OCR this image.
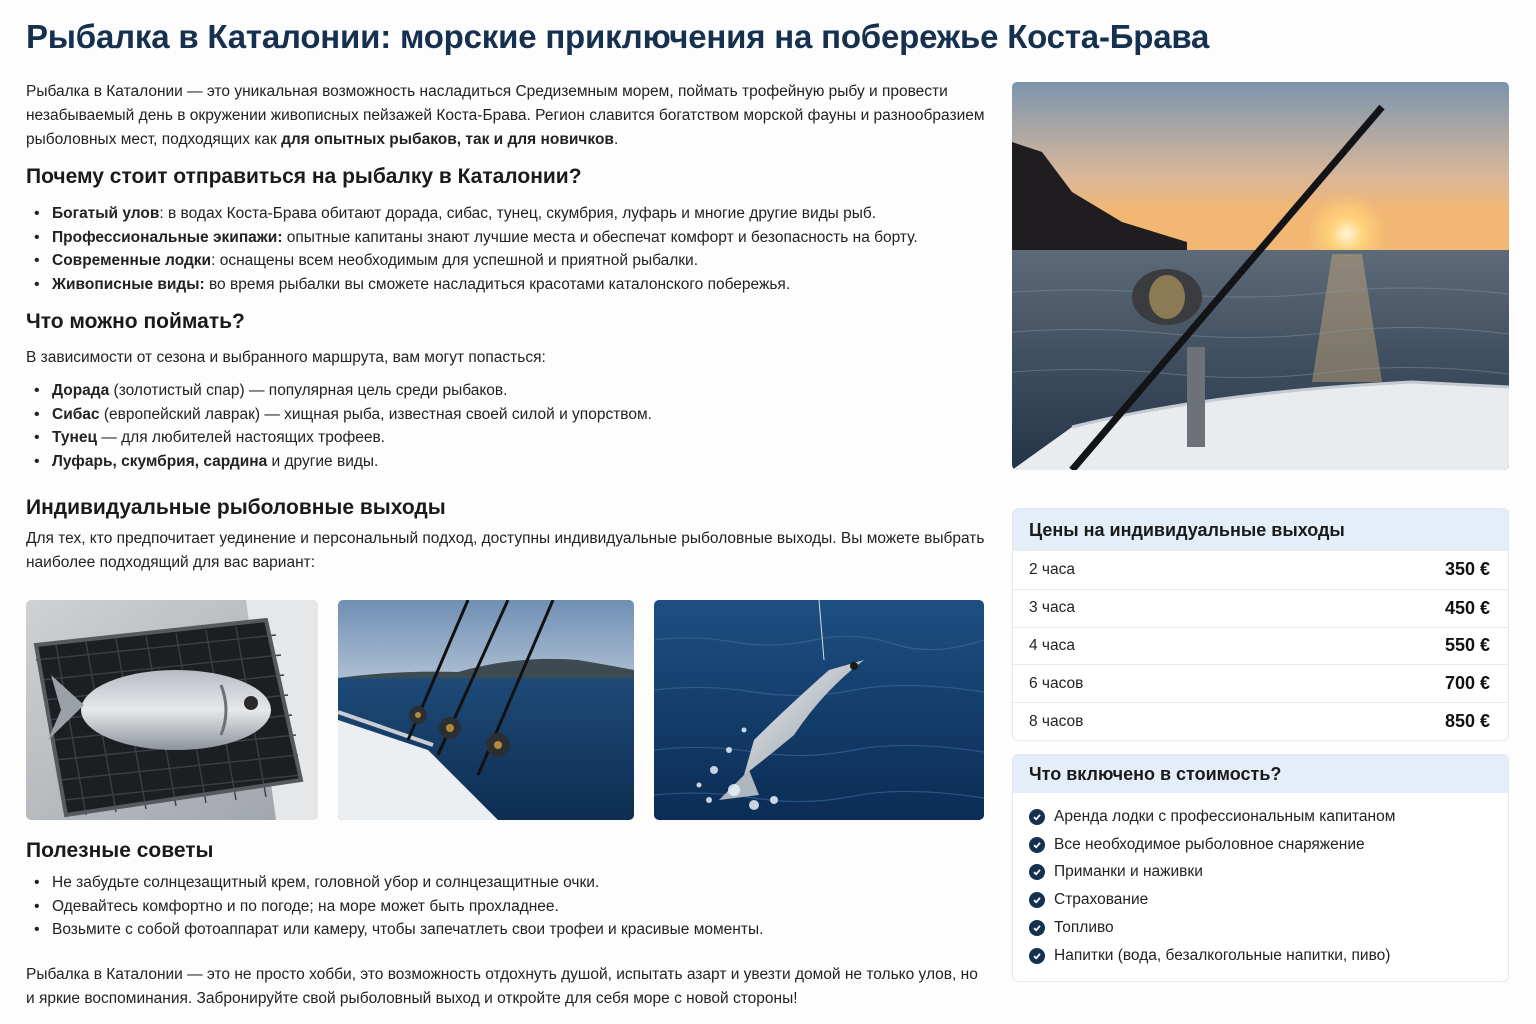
Рыбалка в Каталонии: морские приключения на побережье Коста-Брава

Рыбалка в Каталонии — это уникальная возможность насладиться Средиземным морем, поймать трофейную рыбу и провести незабываемый день в окружении живописных пейзажей Коста-Брава. Регион славится богатством морской фауны и разнообразием рыболовных мест, подходящих как для опытных рыбаков, так и для новичков.

Почему стоит отправиться на рыбалку в Каталонии?
• Богатый улов: в водах Коста-Брава обитают дорада, сибас, тунец, скумбрия, луфарь и многие другие виды рыб.
• Профессиональные экипажи: опытные капитаны знают лучшие места и обеспечат комфорт и безопасность на борту.
• Современные лодки: оснащены всем необходимым для успешной и приятной рыбалки.
• Живописные виды: во время рыбалки вы сможете насладиться красотами каталонского побережья.
Что можно поймать?

В зависимости от сезона и выбранного маршрута, вам могут попасться:

• Дорада (золотистый спар) — популярная цель среди рыбаков.
• Сибас (европейский лаврак) — хищная рыба, известная своей силой и упорством.
• Тунец — для любителей настоящих трофеев.
• Луфарь, скумбрия, сардина и другие виды.
Индивидуальные рыболовные выходы

Для тех, кто предпочитает уединение и персональный подход, доступны индивидуальные рыболовные выходы. Вы можете выбрать наиболее подходящий для вас вариант:

Полезные советы
• Не забудьте солнцезащитный крем, головной убор и солнцезащитные очки.
• Одевайтесь комфортно и по погоде; на море может быть прохладнее.
• Возьмите с собой фотоаппарат или камеру, чтобы запечатлеть свои трофеи и красивые моменты.

Рыбалка в Каталонии — это не просто хобби, это возможность отдохнуть душой, испытать азарт и увезти домой не только улов, но и яркие воспоминания. Забронируйте свой рыболовный выход и откройте для себя море с новой стороны!

Цены на индивидуальные выходы
2 часа	350 €
3 часа	450 €
4 часа	550 €
6 часов	700 €
8 часов	850 €
Что включено в стоимость?
Аренда лодки с профессиональным капитаном
Все необходимое рыболовное снаряжение
Приманки и наживки
Страхование
Топливо
Напитки (вода, безалкогольные напитки, пиво)
